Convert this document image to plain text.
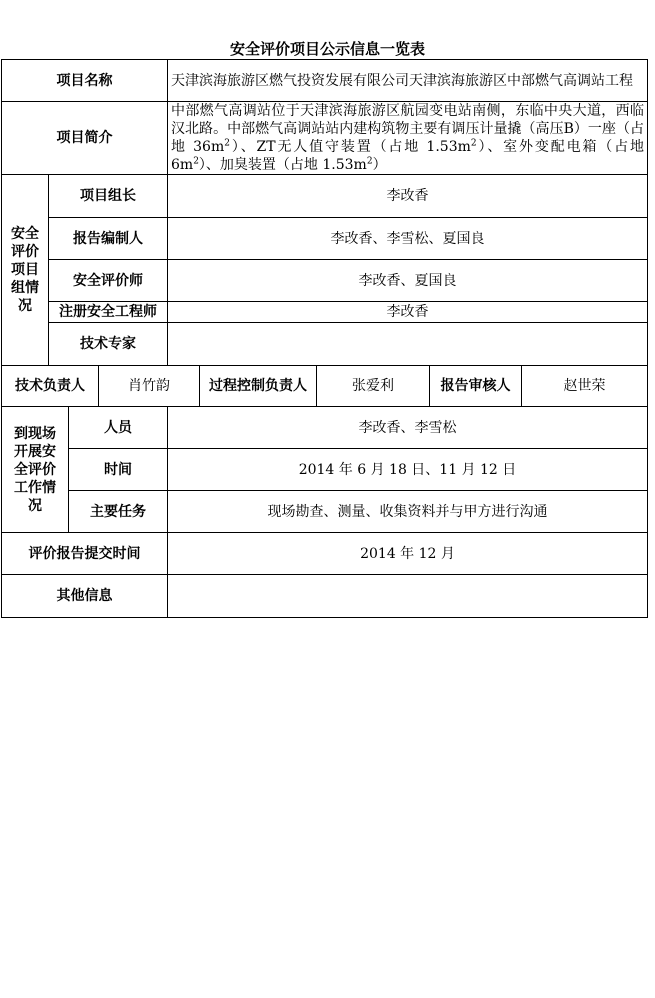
安全评价项目公示信息一览表
项目名称				天津滨海旅游区燃气投资发展有限公司天津滨海旅游区中部燃气高调站工程			
项目简介				中部燃气高调站位于天津滨海旅游区航园变电站南侧，东临中央大道，西临汉北路。中部燃气高调站站内建构筑物主要有调压计量撬（高压B）一座（占地 $36m^2$）、ZT无人值守装置（占地 $1.53m^2$）、室外变配电箱（占地 $6m^2$）、加臭装置（占地 $1.53m^2$）			
安全评价项目组情况	项目组长			李改香			
	报告编制人			李改香、李雪松、夏国良			
	安全评价师			李改香、夏国良			
	注册安全工程师			李改香			
	技术专家						
技术负责人			肖竹韵		过程控制负责人	张爱利	报告审核人 赵世荣

到现场开展安全评价工作情况		人员		李改香、李雪松			
		时间		2014 年 6 月 18 日、11 月 12 日			
		主要任务		现场勘查、测量、收集资料并与甲方进行沟通			
评价报告提交时间				2014 年 12 月			
其他信息							
